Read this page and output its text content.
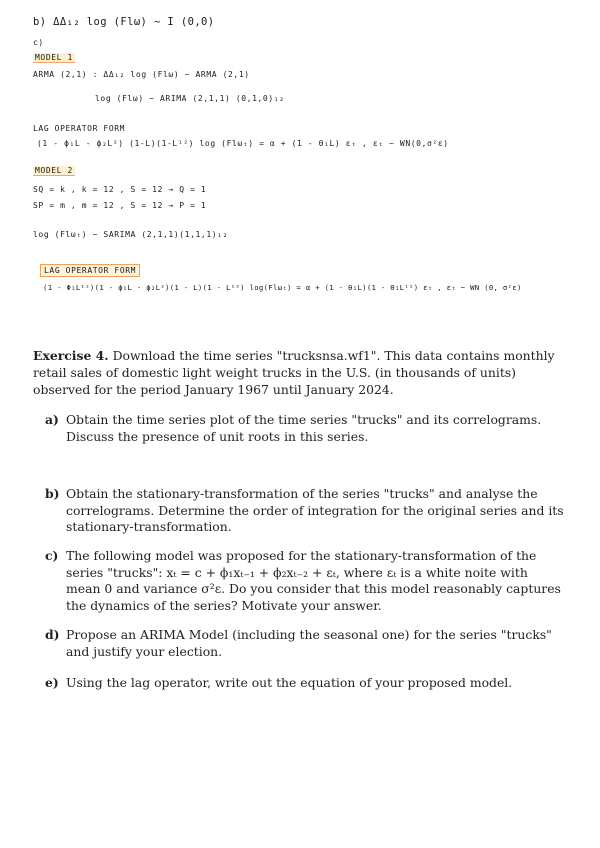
b) ΔΔ₁₂ log (Flω) ~ I (0,0)
c)
MODEL 1
ARMA (2,1) : ΔΔ₁₂ log (Flω) ~ ARMA (2,1)
log (Flω) ~ ARIMA (2,1,1) (0,1,0)₁₂
LAG OPERATOR FORM
(1 - ϕ₁L - ϕ₂L²) (1-L)(1-L¹²) log (Flωₜ) = α + (1 - θ₁L) εₜ , εₜ ~ WN(0,σ²ε)
MODEL 2
SQ = k , k = 12 , S = 12 → Q = 1
SP = m , m = 12 , S = 12 → P = 1
log (Flωₜ) ~ SARIMA (2,1,1)(1,1,1)₁₂
LAG OPERATOR FORM
(1 - Φ₁L¹²)(1 - ϕ₁L - ϕ₂L²)(1 - L)(1 - L¹²) log(Flωₜ) = α + (1 - θ₁L)(1 - Θ₁L¹²) εₜ , εₜ ~ WN (0, σ²ε)
Exercise 4. Download the time series "trucksnsa.wf1". This data contains monthly retail sales of domestic light weight trucks in the U.S. (in thousands of units) observed for the period January 1967 until January 2024.
a) Obtain the time series plot of the time series "trucks" and its correlograms. Discuss the presence of unit roots in this series.
b) Obtain the stationary-transformation of the series "trucks" and analyse the correlograms. Determine the order of integration for the original series and its stationary-transformation.
c) The following model was proposed for the stationary-transformation of the series "trucks": xₜ = c + ϕ₁xₜ₋₁ + ϕ₂xₜ₋₂ + εₜ, where εₜ is a white noite with mean 0 and variance σ²ε. Do you consider that this model reasonably captures the dynamics of the series? Motivate your answer.
d) Propose an ARIMA Model (including the seasonal one) for the series "trucks" and justify your election.
e) Using the lag operator, write out the equation of your proposed model.
